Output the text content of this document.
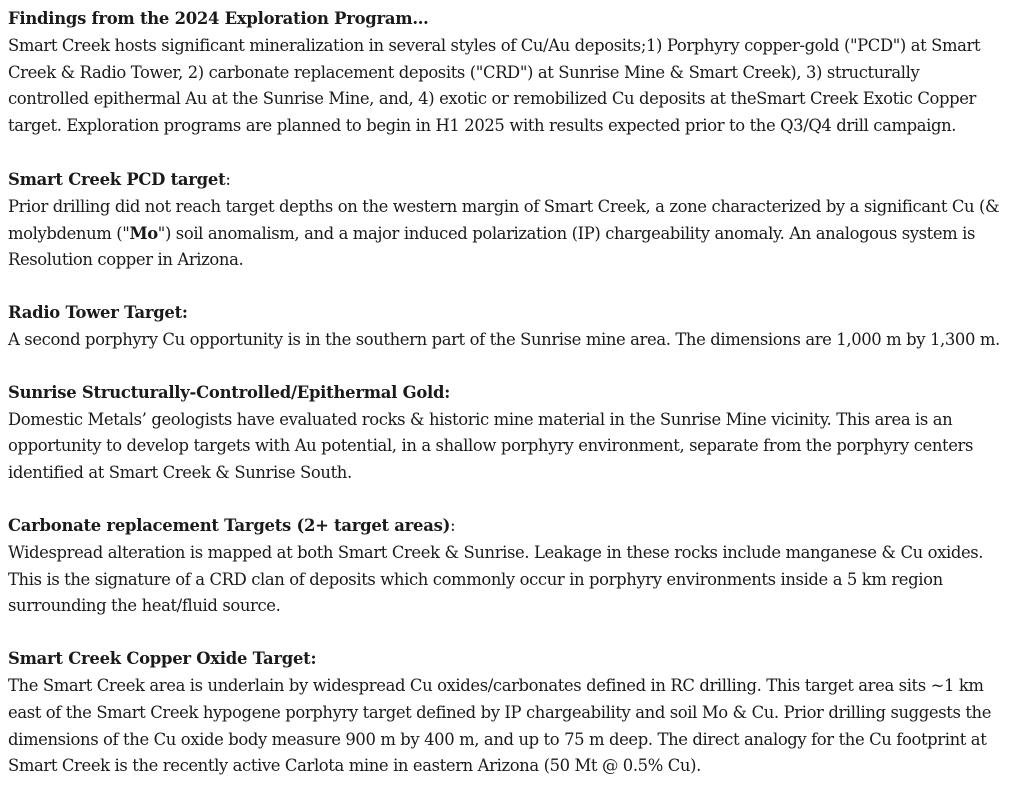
Findings from the 2024 Exploration Program…

Smart Creek hosts significant mineralization in several styles of Cu/Au deposits;1) Porphyry copper-gold ("PCD") at Smart
Creek & Radio Tower, 2) carbonate replacement deposits ("CRD") at Sunrise Mine & Smart Creek), 3) structurally
controlled epithermal Au at the Sunrise Mine, and, 4) exotic or remobilized Cu deposits at theSmart Creek Exotic Copper
target. Exploration programs are planned to begin in H1 2025 with results expected prior to the Q3/Q4 drill campaign.

Smart Creek PCD target:

Prior drilling did not reach target depths on the western margin of Smart Creek, a zone characterized by a significant Cu (&
molybdenum ("Mo") soil anomalism, and a major induced polarization (IP) chargeability anomaly. An analogous system is
Resolution copper in Arizona.

Radio Tower Target:

A second porphyry Cu opportunity is in the southern part of the Sunrise mine area. The dimensions are 1,000 m by 1,300 m.

Sunrise Structurally-Controlled/Epithermal Gold:

Domestic Metals’ geologists have evaluated rocks & historic mine material in the Sunrise Mine vicinity. This area is an
opportunity to develop targets with Au potential, in a shallow porphyry environment, separate from the porphyry centers
identified at Smart Creek & Sunrise South.

Carbonate replacement Targets (2+ target areas):

Widespread alteration is mapped at both Smart Creek & Sunrise. Leakage in these rocks include manganese & Cu oxides.
This is the signature of a CRD clan of deposits which commonly occur in porphyry environments inside a 5 km region
surrounding the heat/fluid source.

Smart Creek Copper Oxide Target:

The Smart Creek area is underlain by widespread Cu oxides/carbonates defined in RC drilling. This target area sits ~1 km
east of the Smart Creek hypogene porphyry target defined by IP chargeability and soil Mo & Cu. Prior drilling suggests the
dimensions of the Cu oxide body measure 900 m by 400 m, and up to 75 m deep. The direct analogy for the Cu footprint at
Smart Creek is the recently active Carlota mine in eastern Arizona (50 Mt @ 0.5% Cu).
